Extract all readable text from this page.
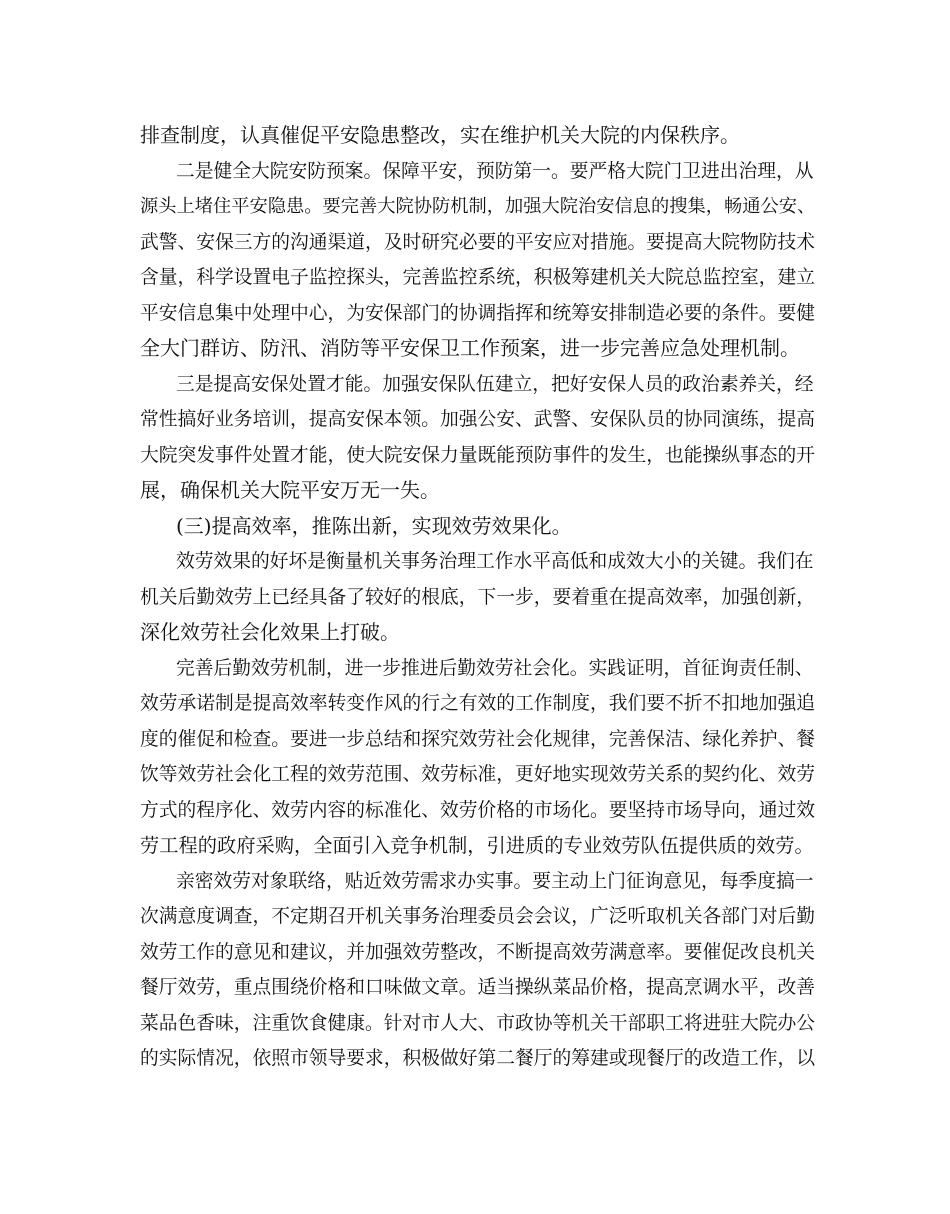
排查制度，认真催促平安隐患整改，实在维护机关大院的内保秩序。
二是健全大院安防预案。保障平安，预防第一。要严格大院门卫进出治理，从
源头上堵住平安隐患。要完善大院协防机制，加强大院治安信息的搜集，畅通公安、
武警、安保三方的沟通渠道，及时研究必要的平安应对措施。要提高大院物防技术
含量，科学设置电子监控探头，完善监控系统，积极筹建机关大院总监控室，建立
平安信息集中处理中心，为安保部门的协调指挥和统筹安排制造必要的条件。要健
全大门群访、防汛、消防等平安保卫工作预案，进一步完善应急处理机制。
三是提高安保处置才能。加强安保队伍建立，把好安保人员的政治素养关，经
常性搞好业务培训，提高安保本领。加强公安、武警、安保队员的协同演练，提高
大院突发事件处置才能，使大院安保力量既能预防事件的发生，也能操纵事态的开
展，确保机关大院平安万无一失。
(三)提高效率，推陈出新，实现效劳效果化。
效劳效果的好坏是衡量机关事务治理工作水平高低和成效大小的关键。我们在
机关后勤效劳上已经具备了较好的根底，下一步，要着重在提高效率，加强创新，
深化效劳社会化效果上打破。
完善后勤效劳机制，进一步推进后勤效劳社会化。实践证明，首征询责任制、
效劳承诺制是提高效率转变作风的行之有效的工作制度，我们要不折不扣地加强追
度的催促和检查。要进一步总结和探究效劳社会化规律，完善保洁、绿化养护、餐
饮等效劳社会化工程的效劳范围、效劳标准，更好地实现效劳关系的契约化、效劳
方式的程序化、效劳内容的标准化、效劳价格的市场化。要坚持市场导向，通过效
劳工程的政府采购，全面引入竞争机制，引进质的专业效劳队伍提供质的效劳。
亲密效劳对象联络，贴近效劳需求办实事。要主动上门征询意见，每季度搞一
次满意度调查，不定期召开机关事务治理委员会会议，广泛听取机关各部门对后勤
效劳工作的意见和建议，并加强效劳整改，不断提高效劳满意率。要催促改良机关
餐厅效劳，重点围绕价格和口味做文章。适当操纵菜品价格，提高烹调水平，改善
菜品色香味，注重饮食健康。针对市人大、市政协等机关干部职工将进驻大院办公
的实际情况，依照市领导要求，积极做好第二餐厅的筹建或现餐厅的改造工作，以
